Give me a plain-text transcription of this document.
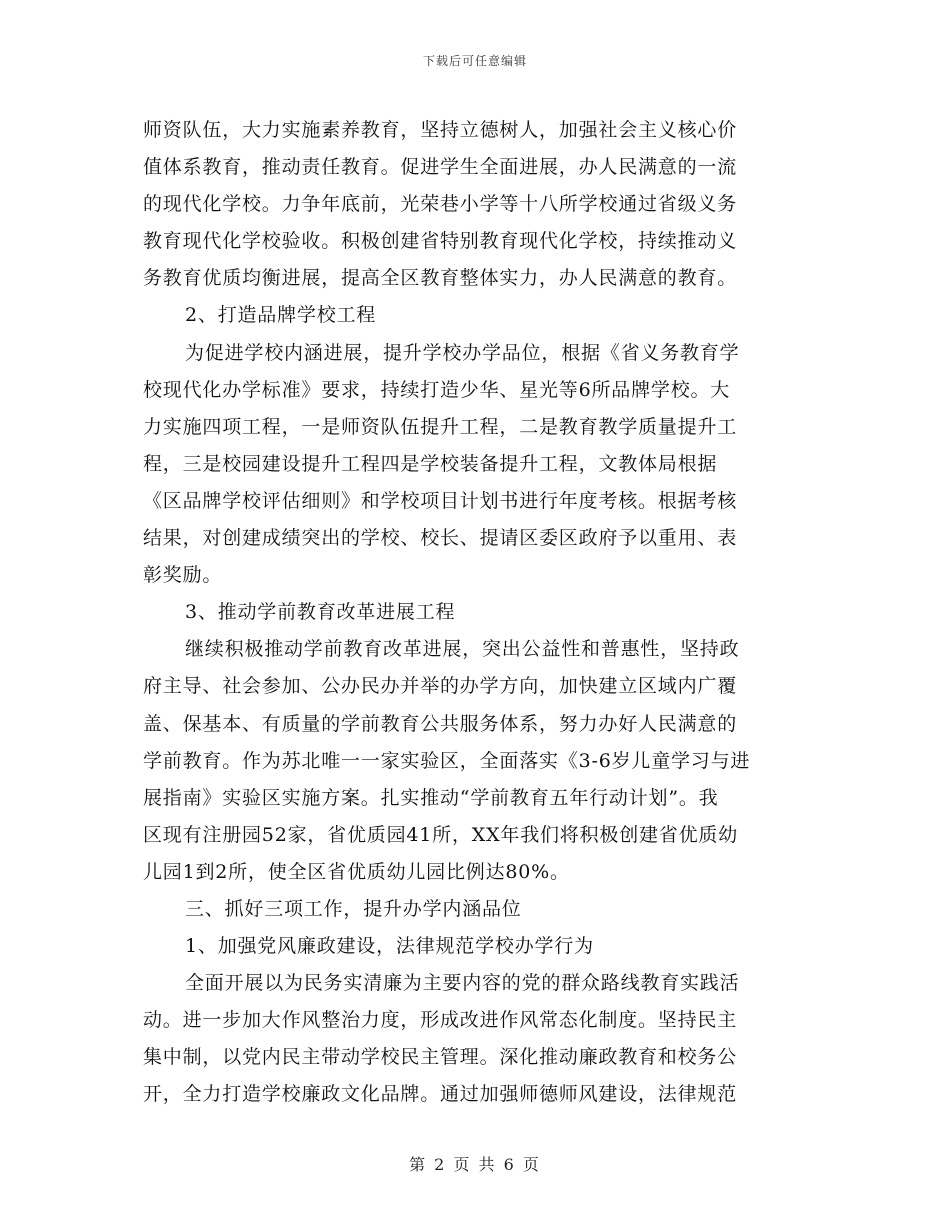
下载后可任意编辑
师资队伍，大力实施素养教育，坚持立德树人，加强社会主义核心价
值体系教育，推动责任教育。促进学生全面进展，办人民满意的一流
的现代化学校。力争年底前，光荣巷小学等十八所学校通过省级义务
教育现代化学校验收。积极创建省特别教育现代化学校，持续推动义
务教育优质均衡进展，提高全区教育整体实力，办人民满意的教育。
2、打造品牌学校工程
为促进学校内涵进展，提升学校办学品位，根据《省义务教育学
校现代化办学标准》要求，持续打造少华、星光等6所品牌学校。大
力实施四项工程，一是师资队伍提升工程，二是教育教学质量提升工
程，三是校园建设提升工程四是学校装备提升工程，文教体局根据
《区品牌学校评估细则》和学校项目计划书进行年度考核。根据考核
结果，对创建成绩突出的学校、校长、提请区委区政府予以重用、表
彰奖励。
3、推动学前教育改革进展工程
继续积极推动学前教育改革进展，突出公益性和普惠性，坚持政
府主导、社会参加、公办民办并举的办学方向，加快建立区域内广覆
盖、保基本、有质量的学前教育公共服务体系，努力办好人民满意的
学前教育。作为苏北唯一一家实验区，全面落实《3-6岁儿童学习与进
展指南》实验区实施方案。扎实推动“学前教育五年行动计划”。我
区现有注册园52家，省优质园41所，XX年我们将积极创建省优质幼
儿园1到2所，使全区省优质幼儿园比例达80%。
三、抓好三项工作，提升办学内涵品位
1、加强党风廉政建设，法律规范学校办学行为
全面开展以为民务实清廉为主要内容的党的群众路线教育实践活
动。进一步加大作风整治力度，形成改进作风常态化制度。坚持民主
集中制，以党内民主带动学校民主管理。深化推动廉政教育和校务公
开，全力打造学校廉政文化品牌。通过加强师德师风建设，法律规范
第 2 页 共 6 页
